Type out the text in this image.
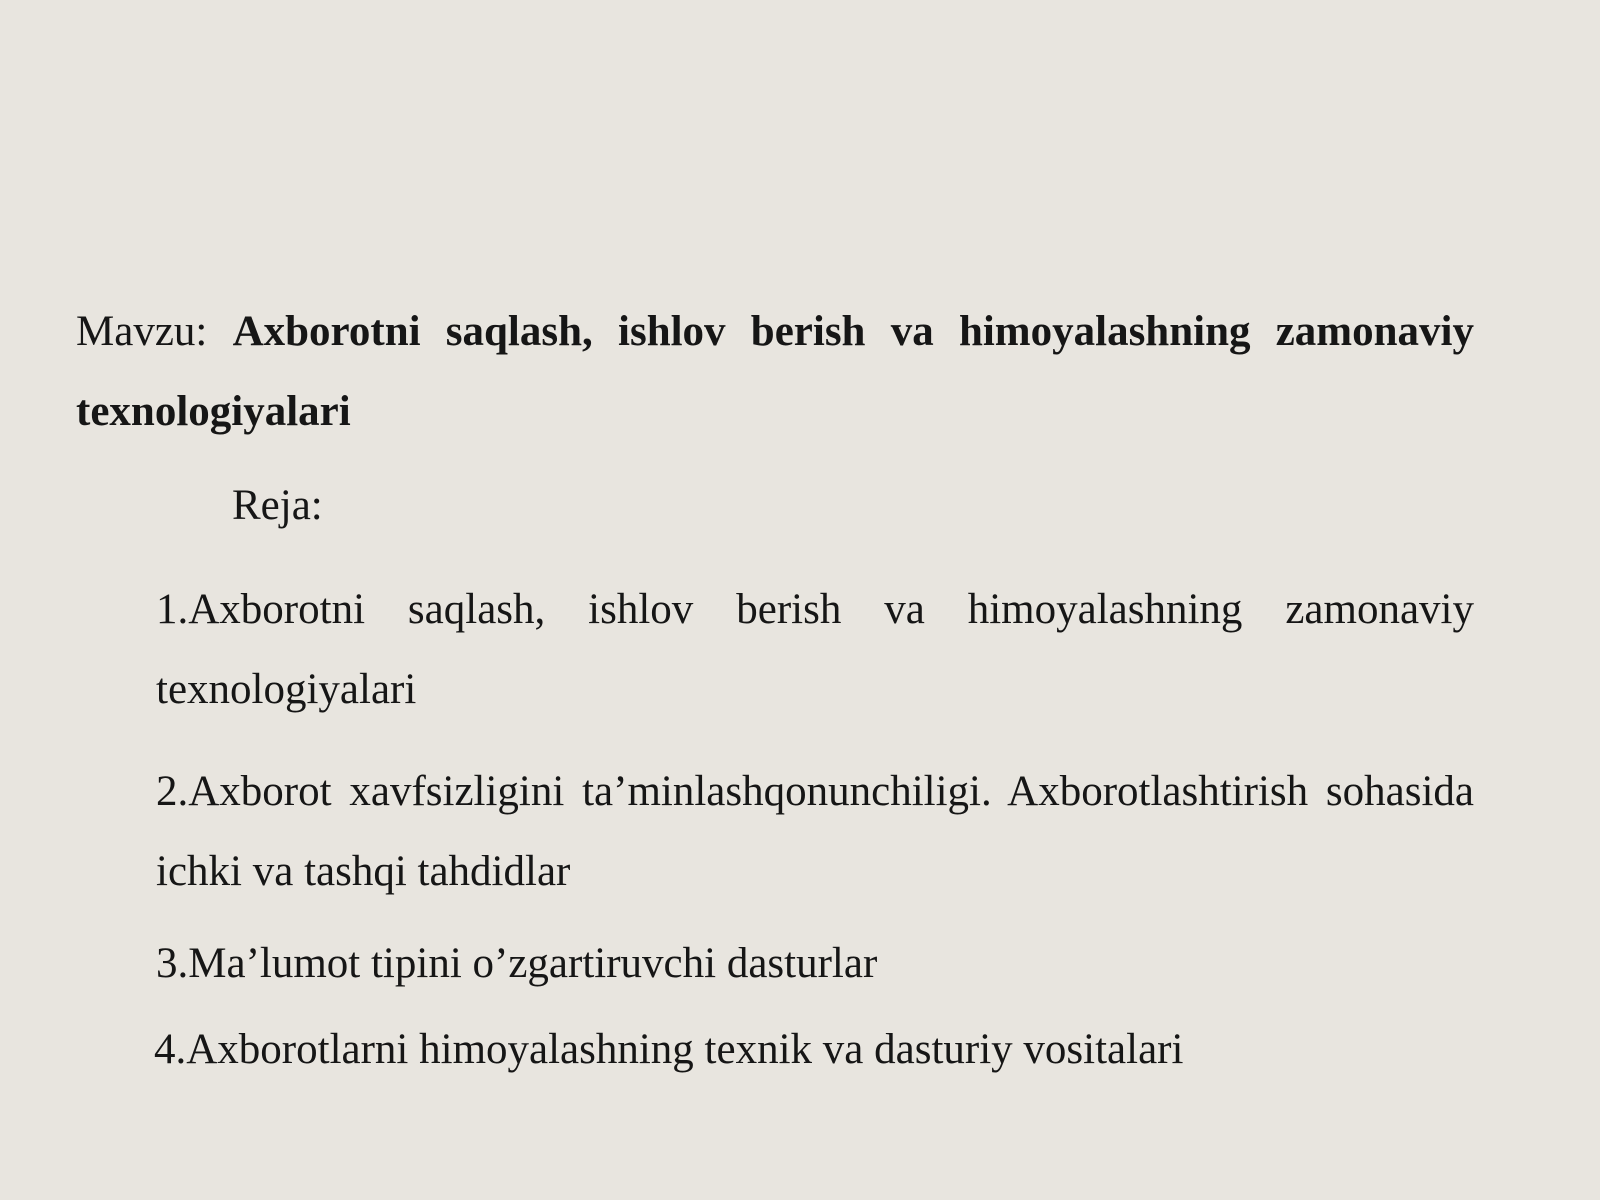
Mavzu: Axborotni saqlash, ishlov berish va himoyalashning zamonaviy texnologiyalari

Reja:

1.Axborotni saqlash, ishlov berish va himoyalashning zamonaviy texnologiyalari

2.Axborot xavfsizligini ta’minlashqonunchiligi. Axborotlashtirish sohasida ichki va tashqi tahdidlar

3.Ma’lumot tipini o’zgartiruvchi dasturlar

4.Axborotlarni himoyalashning texnik va dasturiy vositalari
